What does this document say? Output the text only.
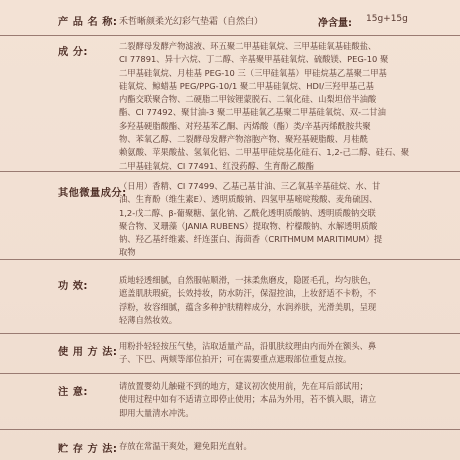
产 品 名 称: 禾哲晰颜柔光幻彩气垫霜（自然白）	净含量: 15g+15g
成 分:
二裂酵母发酵产物滤液、环五聚二甲基硅氧烷、三甲基硅氧基硅酸盐、
CI 77891、异十六烷、丁二醇、辛基聚甲基硅氧烷、硫酸镁、PEG-10 聚
二甲基硅氧烷、月桂基 PEG-10 三（三甲硅氧基）甲硅烷基乙基聚二甲基
硅氧烷、鲸蜡基 PEG/PPG-10/1 聚二甲基硅氧烷、HDI/三羟甲基己基
内酯交联聚合物、二硬脂二甲铵锂蒙脱石、二氧化硅、山梨坦倍半油酸
酯、CI 77492、聚甘油-3 聚二甲基硅氧乙基聚二甲基硅氧烷、双-二甘油
多羟基硬脂酸酯、对羟基苯乙酮、丙烯酸（酯）类/辛基丙烯酰胺共聚
物、苯氧乙醇、二裂酵母发酵产物溶胞产物、聚羟基硬脂酸、月桂酰
赖氨酸、苹果酸盐、氢氧化铝、二甲基甲硅烷基化硅石、1,2-己二醇、硅石、聚
二甲基硅氧烷、CI 77491、红没药醇、生育酚乙酸酯
其他微量成分:
（日用）香精、CI 77499、乙基己基甘油、三乙氧基辛基硅烷、水、甘
油、生育酚（维生素E）、透明质酸钠、四氢甲基嘧啶羧酸、麦角硫因、
1,2-戊二醇、β-葡聚糖、氯化钠、乙酰化透明质酸钠、透明质酸钠交联
聚合物、叉珊藻（JANIA RUBENS）提取物、柠檬酸钠、水解透明质酸
钠、羟乙基纤维素、纤连蛋白、海茴香（CRITHMUM MARITIMUM）提
取物
功 效:
质地轻透细腻，自然服帖顺滑，一抹柔焦磨皮，隐匿毛孔，均匀肤色，
遮盖肌肤瑕疵，长效持妆，防水防汗，保湿控油，上妆舒适不卡粉，不
浮粉，妆容细腻，蕴含多种护肤精粹成分，水润养肤，光滑美肌，呈现
轻薄自然妆效。
使 用 方 法:
用粉扑轻轻按压气垫，沾取适量产品，沿肌肤纹理由内而外在额头、鼻
子、下巴、两颊等部位拍开；可在需要重点遮瑕部位重复点按。
注 意:
请放置婴幼儿触碰不到的地方，建议初次使用前，先在耳后部试用；
使用过程中如有不适请立即停止使用；本品为外用，若不慎入眼，请立
即用大量清水冲洗。
贮 存 方 法: 存放在常温干爽处，避免阳光直射。
